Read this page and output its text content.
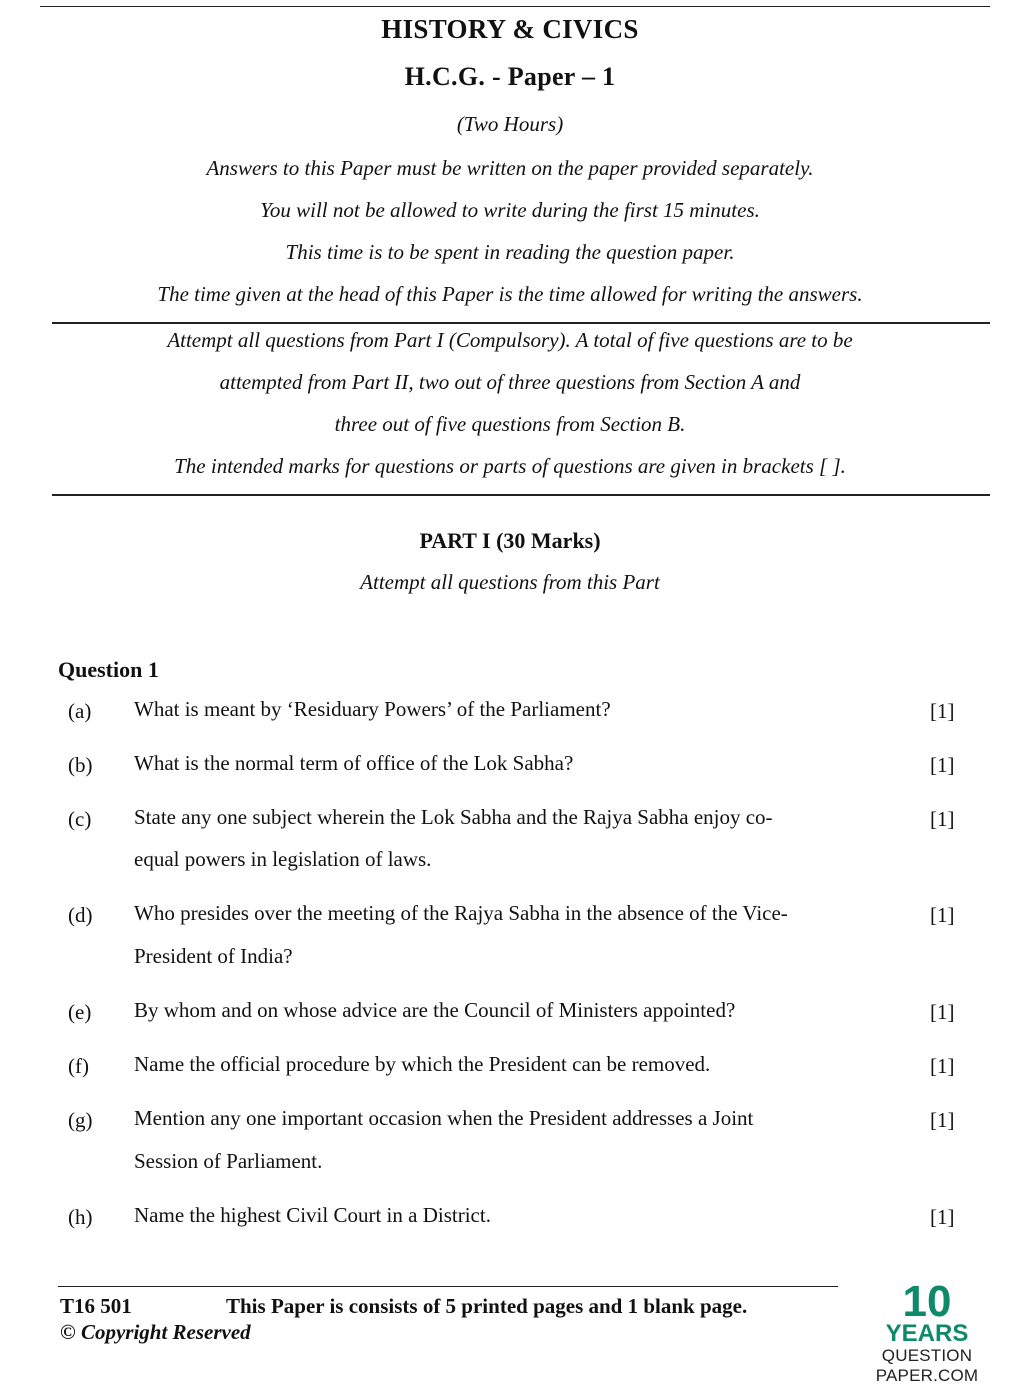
HISTORY & CIVICS
H.C.G. - Paper – 1
(Two Hours)
Answers to this Paper must be written on the paper provided separately.
You will not be allowed to write during the first 15 minutes.
This time is to be spent in reading the question paper.
The time given at the head of this Paper is the time allowed for writing the answers.
Attempt all questions from Part I (Compulsory). A total of five questions are to be
attempted from Part II, two out of three questions from Section A and
three out of five questions from Section B.
The intended marks for questions or parts of questions are given in brackets [ ].
PART I (30 Marks)
Attempt all questions from this Part
Question 1
(a) What is meant by ‘Residuary Powers’ of the Parliament?	[1]
(b) What is the normal term of office of the Lok Sabha?	[1]
(c) State any one subject wherein the Lok Sabha and the Rajya Sabha enjoy co-
equal powers in legislation of laws.
[1]
(d) Who presides over the meeting of the Rajya Sabha in the absence of the Vice-
President of India?
[1]
(e) By whom and on whose advice are the Council of Ministers appointed?	[1]
(f) Name the official procedure by which the President can be removed.	[1]
(g) Mention any one important occasion when the President addresses a Joint
Session of Parliament.
[1]
(h) Name the highest Civil Court in a District.	[1]
T16 501	This Paper is consists of 5 printed pages and 1 blank page.
© Copyright Reserved
10
YEARS
QUESTION PAPER.COM
